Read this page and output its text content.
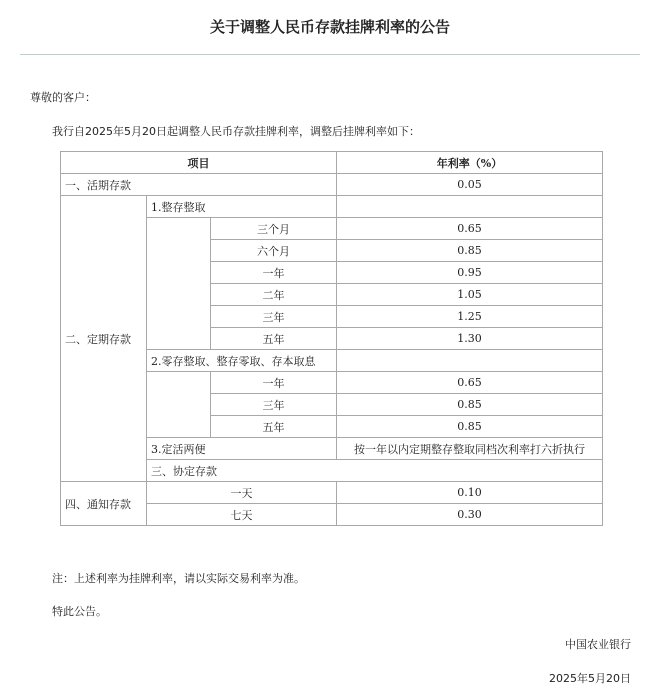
关于调整人民币存款挂牌利率的公告
尊敬的客户：
我行自2025年5月20日起调整人民币存款挂牌利率，调整后挂牌利率如下：
项目			年利率（%）	
一、活期存款			0.05	
二、定期存款	1.整存整取			
		三个月	0.65	
		六个月	0.85	
		一年	0.95	
		二年	1.05	
		三年	1.25	
		五年	1.30	
	2.零存整取、整存零取、存本取息			
		一年	0.65	
		三年	0.85	
		五年	0.85	
	3.定活两便		按一年以内定期整存整取同档次利率打六折执行	
	三、协定存款	
四、通知存款	一天		0.10	
	七天		0.30	
注：上述利率为挂牌利率，请以实际交易利率为准。
特此公告。
中国农业银行
2025年5月20日
